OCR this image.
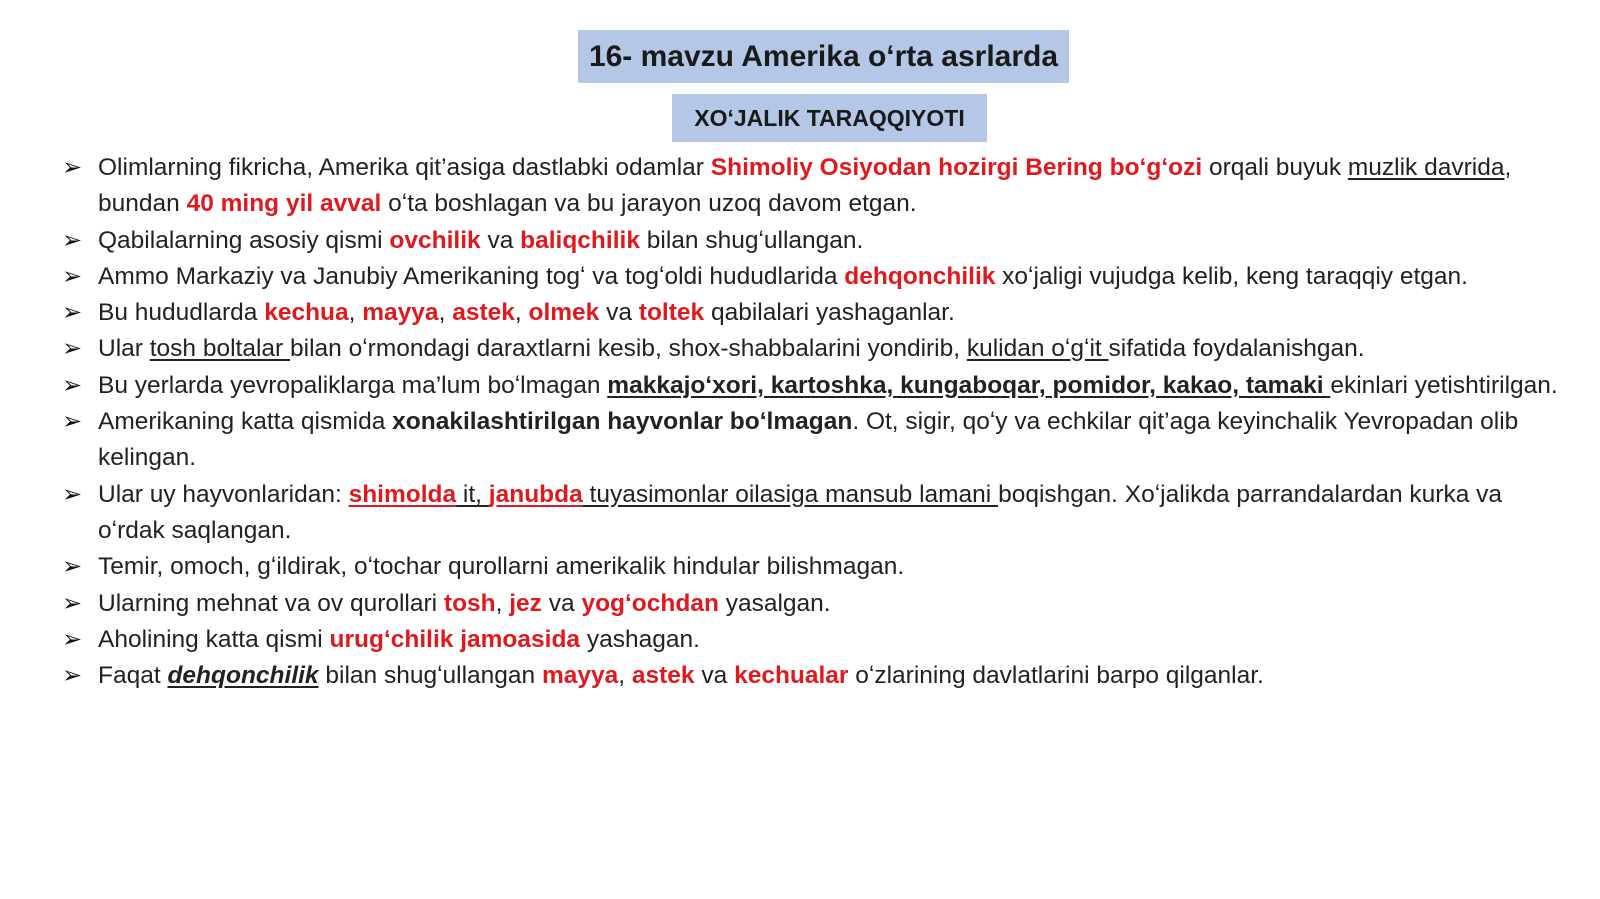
16- mavzu Amerika oʻrta asrlarda
XOʻJALIK TARAQQIYOTI
➢ Olimlarning fikricha, Amerika qit’asiga dastlabki odamlar Shimoliy Osiyodan hozirgi Bering boʻgʻozi orqali buyuk muzlik davrida, bundan 40 ming yil avval oʻta boshlagan va bu jarayon uzoq davom etgan.
➢ Qabilalarning asosiy qismi ovchilik va baliqchilik bilan shugʻullangan.
➢ Ammo Markaziy va Janubiy Amerikaning togʻ va togʻoldi hududlarida dehqonchilik xoʻjaligi vujudga kelib, keng taraqqiy etgan.
➢ Bu hududlarda kechua, mayya, astek, olmek va toltek qabilalari yashaganlar.
➢ Ular tosh boltalar bilan oʻrmondagi daraxtlarni kesib, shox-shabbalarini yondirib, kulidan oʻgʻit sifatida foydalanishgan.
➢ Bu yerlarda yevropaliklarga ma’lum boʻlmagan makkajoʻxori, kartoshka, kungaboqar, pomidor, kakao, tamaki ekinlari yetishtirilgan.
➢ Amerikaning katta qismida xonakilashtirilgan hayvonlar boʻlmagan. Ot, sigir, qoʻy va echkilar qit’aga keyinchalik Yevropadan olib kelingan.
➢ Ular uy hayvonlaridan: shimolda it, janubda tuyasimonlar oilasiga mansub lamani boqishgan. Xoʻjalikda parrandalardan kurka va oʻrdak saqlangan.
➢ Temir, omoch, gʻildirak, oʻtochar qurollarni amerikalik hindular bilishmagan.
➢ Ularning mehnat va ov qurollari tosh, jez va yogʻochdan yasalgan.
➢ Aholining katta qismi urugʻchilik jamoasida yashagan.
➢ Faqat dehqonchilik bilan shugʻullangan mayya, astek va kechualar oʻzlarining davlatlarini barpo qilganlar.
